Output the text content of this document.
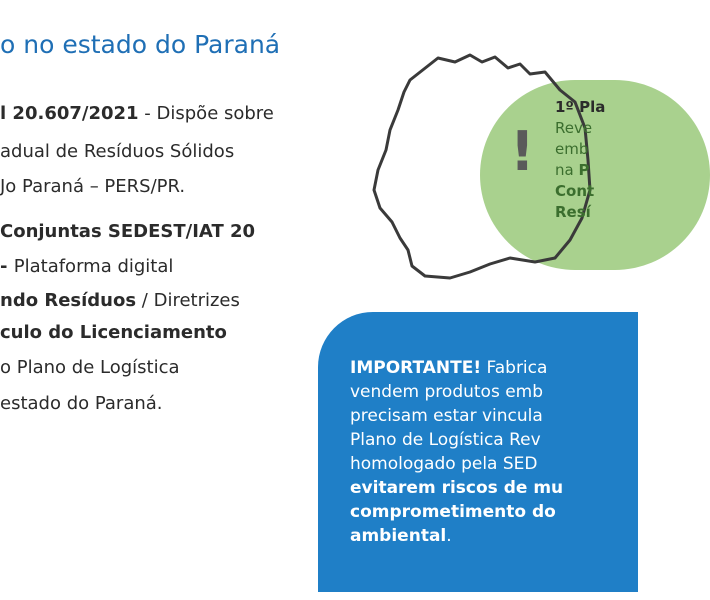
o no estado do Paraná
l 20.607/2021 - Dispõe sobre
adual de Resíduos Sólidos
Jo Paraná – PERS/PR.
Conjuntas SEDEST/IAT 20
- Plataforma digital
ndo Resíduos / Diretrizes
culo do Licenciamento
o Plano de Logística
estado do Paraná.
!
1º Pla
Reve
emb
na P
Cont
Resí
IMPORTANTE! Fabrica
vendem produtos emb
precisam estar vincula
Plano de Logística Rev
homologado pela SED
evitarem riscos de mu
comprometimento do
ambiental.
